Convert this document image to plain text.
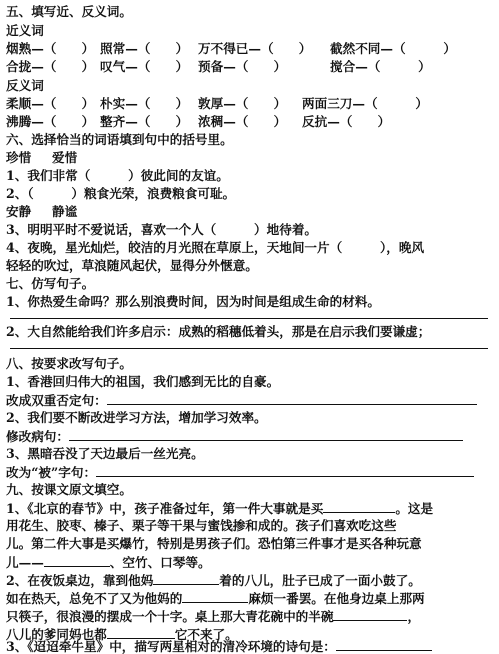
五、填写近、反义词。
近义词
烟熟—（　　） 照常—（　　） 万不得已—（　　） 截然不同—（　　　）
合拢—（　　） 叹气—（　　） 预备—（　　）	搅合—（　　　）
反义词
柔顺—（　　） 朴实—（　　） 敦厚—（　　） 两面三刀—（　　　）
沸腾—（　　） 整齐—（　　） 浓稠—（　　） 反抗—（　　）
六、选择恰当的词语填到句中的括号里。
珍惜 爱惜
1、我们非常（　　　）彼此间的友谊。
2、（　　　）粮食光荣，浪费粮食可耻。
安静 静谧
3、明明平时不爱说话，喜欢一个人（　　　）地待着。
4、夜晚，星光灿烂，皎洁的月光照在草原上，天地间一片（　　　），晚风
轻轻的吹过，草浪随风起伏，显得分外惬意。
七、仿写句子。
1、你热爱生命吗？那么别浪费时间，因为时间是组成生命的材料。
2、大自然能给我们许多启示：成熟的稻穗低着头，那是在启示我们要谦虚；
八、按要求改写句子。
1、香港回归伟大的祖国，我们感到无比的自豪。
改成双重否定句：
2、我们要不断改进学习方法，增加学习效率。
修改病句：
3、黑暗吞没了天边最后一丝光亮。
改为“被”字句：
九、按课文原文填空。
1、《北京的春节》中，孩子准备过年，第一件大事就是买	。这是
用花生、胶枣、榛子、栗子等干果与蜜饯掺和成的。孩子们喜欢吃这些
儿。第二件大事是买爆竹，特别是男孩子们。恐怕第三件事才是买各种玩意
儿——	、空竹、口琴等。
2、在夜饭桌边，靠到他妈	着的八儿，肚子已成了一面小鼓了。
如在热天，总免不了又为他妈的	麻烦一番罢。在他身边桌上那两
只筷子，很浪漫的摆成一个十字。桌上那大青花碗中的半碗	，
八儿的爹同妈也都	它不来了。
3、《迢迢牵牛星》中，描写两星相对的清冷环境的诗句是：
